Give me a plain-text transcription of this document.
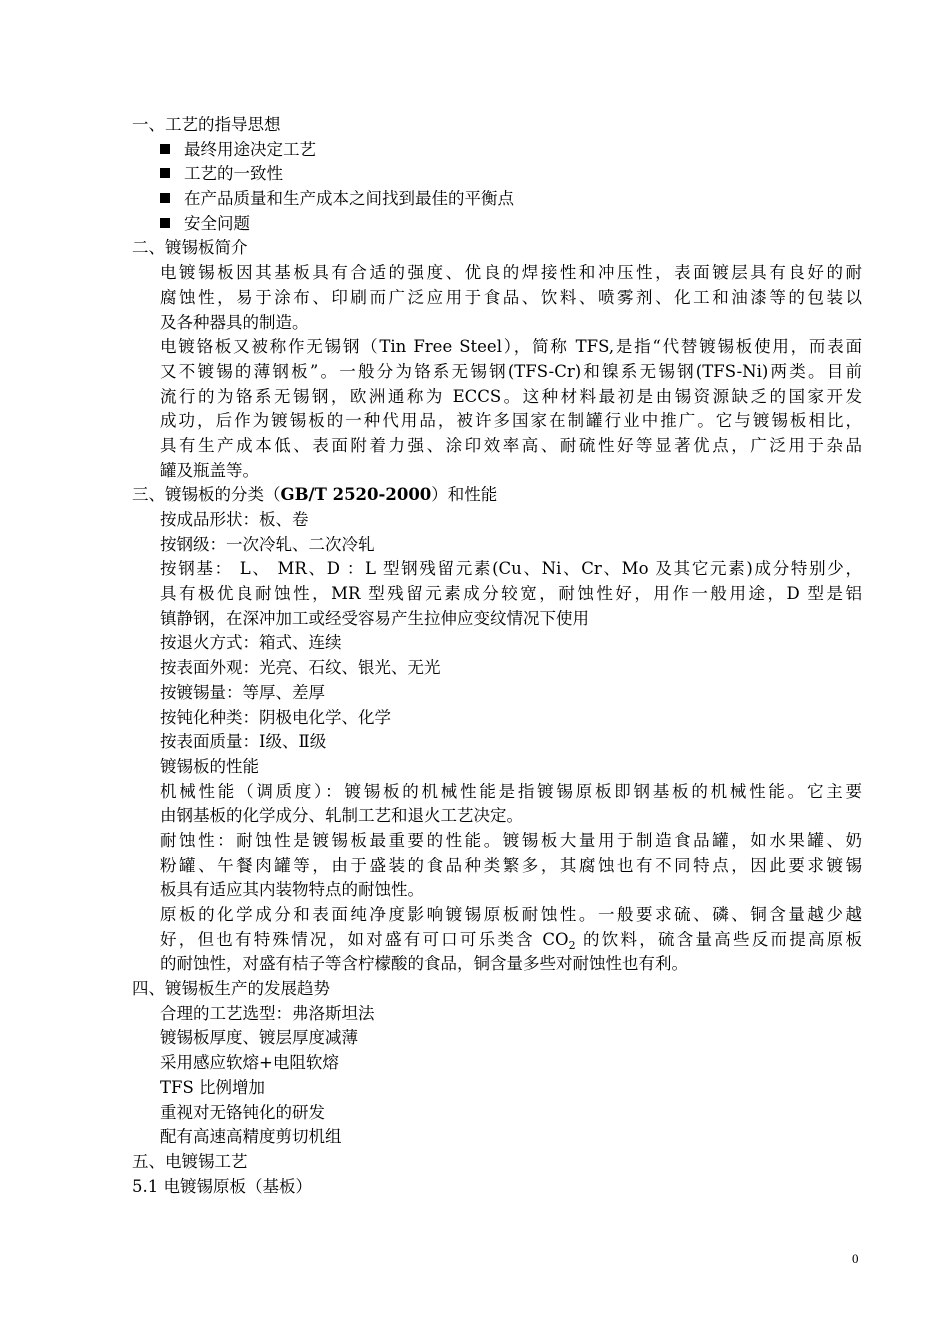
一、工艺的指导思想
最终用途决定工艺
工艺的一致性
在产品质量和生产成本之间找到最佳的平衡点
安全问题
二、镀锡板简介
电镀锡板因其基板具有合适的强度、优良的焊接性和冲压性，表面镀层具有良好的耐
腐蚀性，易于涂布、印刷而广泛应用于食品、饮料、喷雾剂、化工和油漆等的包装以
及各种器具的制造。
电镀铬板又被称作无锡钢（Tin Free Steel），简称 TFS,是指“代替镀锡板使用，而表面
又不镀锡的薄钢板”。一般分为铬系无锡钢(TFS-Cr)和镍系无锡钢(TFS-Ni)两类。目前
流行的为铬系无锡钢，欧洲通称为 ECCS。这种材料最初是由锡资源缺乏的国家开发
成功，后作为镀锡板的一种代用品，被许多国家在制罐行业中推广。它与镀锡板相比，
具有生产成本低、表面附着力强、涂印效率高、耐硫性好等显著优点，广泛用于杂品
罐及瓶盖等。
三、镀锡板的分类（GB/T 2520-2000）和性能
按成品形状：板、卷
按钢级：一次冷轧、二次冷轧
按钢基： L、 MR、D ：L 型钢残留元素(Cu、Ni、Cr、Mo 及其它元素)成分特别少，
具有极优良耐蚀性，MR 型残留元素成分较宽，耐蚀性好，用作一般用途，D 型是铝
镇静钢，在深冲加工或经受容易产生拉伸应变纹情况下使用
按退火方式：箱式、连续
按表面外观：光亮、石纹、银光、无光
按镀锡量：等厚、差厚
按钝化种类：阴极电化学、化学
按表面质量：Ⅰ级、Ⅱ级
镀锡板的性能
机械性能（调质度）：镀锡板的机械性能是指镀锡原板即钢基板的机械性能。它主要
由钢基板的化学成分、轧制工艺和退火工艺决定。
耐蚀性：耐蚀性是镀锡板最重要的性能。镀锡板大量用于制造食品罐，如水果罐、奶
粉罐、午餐肉罐等，由于盛装的食品种类繁多，其腐蚀也有不同特点，因此要求镀锡
板具有适应其内装物特点的耐蚀性。
原板的化学成分和表面纯净度影响镀锡原板耐蚀性。一般要求硫、磷、铜含量越少越
好，但也有特殊情况，如对盛有可口可乐类含 $CO_2$ 的饮料，硫含量高些反而提高原板
的耐蚀性，对盛有桔子等含柠檬酸的食品，铜含量多些对耐蚀性也有利。
四、镀锡板生产的发展趋势
合理的工艺选型：弗洛斯坦法
镀锡板厚度、镀层厚度减薄
采用感应软熔+电阻软熔
TFS 比例增加
重视对无铬钝化的研发
配有高速高精度剪切机组
五、电镀锡工艺
5.1 电镀锡原板（基板）
0
